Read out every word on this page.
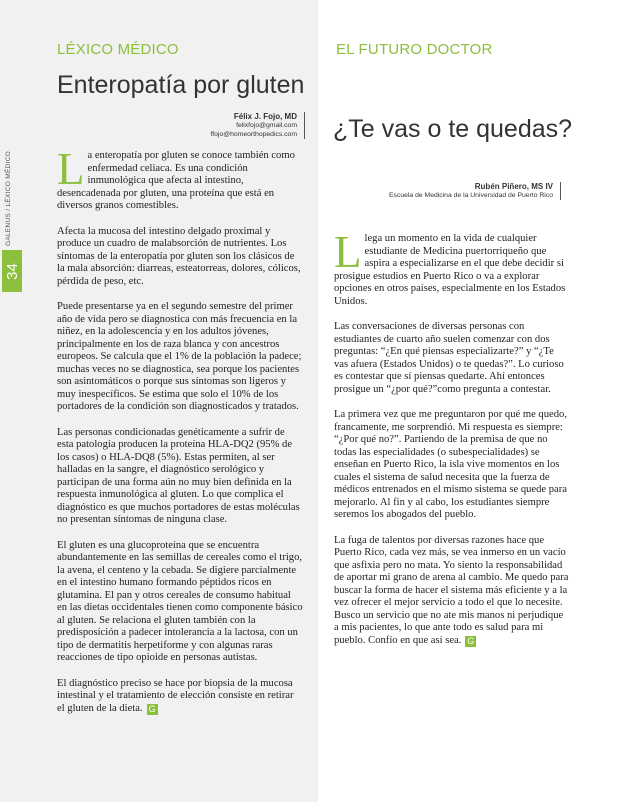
GALENUS / LÉXICO MÉDICO
34
LÉXICO MÉDICO
Enteropatía por gluten
Félix J. Fojo, MD
felixfojo@gmail.com
ffojo@homeorthopedics.com

La enteropatía por gluten se conoce también como enfermedad celiaca. Es una condición inmunológica que afecta al intestino, desencadenada por gluten, una proteína que está en diversos granos comestibles.

Afecta la mucosa del intestino delgado proximal y produce un cuadro de malabsorción de nutrientes. Los síntomas de la enteropatía por gluten son los clásicos de la mala absorción: diarreas, esteatorreas, dolores, cólicos, pérdida de peso, etc.

Puede presentarse ya en el segundo semestre del primer año de vida pero se diagnostica con más frecuencia en la niñez, en la adolescencia y en los adultos jóvenes, principalmente en los de raza blanca y con ancestros europeos. Se calcula que el 1% de la población la padece; muchas veces no se diagnostica, sea porque los pacientes son asintomáticos o porque sus síntomas son ligeros y muy inespecíficos. Se estima que solo el 10% de los portadores de la condición son diagnosticados y tratados.

Las personas condicionadas genéticamente a sufrir de esta patología producen la proteína HLA-DQ2 (95% de los casos) o HLA-DQ8 (5%). Estas permiten, al ser halladas en la sangre, el diagnóstico serológico y participan de una forma aún no muy bien definida en la respuesta inmunológica al gluten. Lo que complica el diagnóstico es que muchos portadores de estas moléculas no presentan síntomas de ninguna clase.

El gluten es una glucoproteína que se encuentra abundantemente en las semillas de cereales como el trigo, la avena, el centeno y la cebada. Se digiere parcialmente en el intestino humano formando péptidos ricos en glutamina. El pan y otros cereales de consumo habitual en las dietas occidentales tienen como componente básico al gluten. Se relaciona el gluten también con la predisposición a padecer intolerancia a la lactosa, con un tipo de dermatitis herpetiforme y con algunas raras reacciones de tipo opioide en personas autistas.

El diagnóstico preciso se hace por biopsia de la mucosa intestinal y el tratamiento de elección consiste en retirar el gluten de la dieta. G

EL FUTURO DOCTOR
¿Te vas o te quedas?
Rubén Piñero, MS IV
Escuela de Medicina de la Universidad de Puerto Rico

Llega un momento en la vida de cualquier estudiante de Medicina puertorriqueño que aspira a especializarse en el que debe decidir si prosigue estudios en Puerto Rico o va a explorar opciones en otros países, especialmente en los Estados Unidos.

Las conversaciones de diversas personas con estudiantes de cuarto año suelen comenzar con dos preguntas: “¿En qué piensas especializarte?” y “¿Te vas afuera (Estados Unidos) o te quedas?”. Lo curioso es contestar que sí piensas quedarte. Ahí entonces prosigue un “¿por qué?”como pregunta a contestar.

La primera vez que me preguntaron por qué me quedo, francamente, me sorprendió. Mi respuesta es siempre: “¿Por qué no?”. Partiendo de la premisa de que no todas las especialidades (o subespecialidades) se enseñan en Puerto Rico, la isla vive momentos en los cuales el sistema de salud necesita que la fuerza de médicos entrenados en el mismo sistema se quede para mejorarlo. Al fin y al cabo, los estudiantes siempre seremos los abogados del pueblo.

La fuga de talentos por diversas razones hace que Puerto Rico, cada vez más, se vea inmerso en un vacío que asfixia pero no mata. Yo siento la responsabilidad de aportar mi grano de arena al cambio. Me quedo para buscar la forma de hacer el sistema más eficiente y a la vez ofrecer el mejor servicio a todo el que lo necesite. Busco un servicio que no ate mis manos ni perjudique a mis pacientes, lo que ante todo es salud para mi pueblo. Confío en que así sea. G
